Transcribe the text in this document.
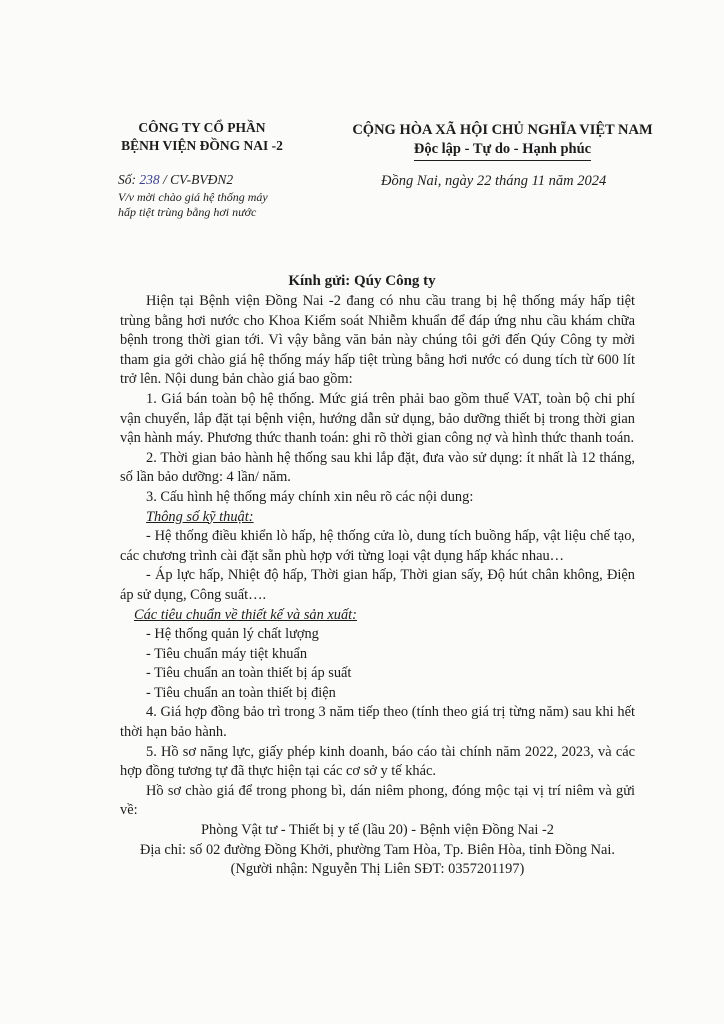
CÔNG TY CỔ PHẦN
BỆNH VIỆN ĐỒNG NAI -2
CỘNG HÒA XÃ HỘI CHỦ NGHĨA VIỆT NAM
Độc lập - Tự do - Hạnh phúc
Số: 238 / CV-BVĐN2
V/v mời chào giá hệ thống máy
hấp tiệt trùng bằng hơi nước
Đồng Nai, ngày 22 tháng 11 năm 2024
Kính gửi: Qúy Công ty

Hiện tại Bệnh viện Đồng Nai -2 đang có nhu cầu trang bị hệ thống máy hấp tiệt trùng bằng hơi nước cho Khoa Kiểm soát Nhiễm khuẩn để đáp ứng nhu cầu khám chữa bệnh trong thời gian tới. Vì vậy bằng văn bản này chúng tôi gởi đến Qúy Công ty mời tham gia gởi chào giá hệ thống máy hấp tiệt trùng bằng hơi nước có dung tích từ 600 lít trở lên. Nội dung bản chào giá bao gồm:

1. Giá bán toàn bộ hệ thống. Mức giá trên phải bao gồm thuế VAT, toàn bộ chi phí vận chuyển, lắp đặt tại bệnh viện, hướng dẫn sử dụng, bảo dưỡng thiết bị trong thời gian vận hành máy. Phương thức thanh toán: ghi rõ thời gian công nợ và hình thức thanh toán.

2. Thời gian bảo hành hệ thống sau khi lắp đặt, đưa vào sử dụng: ít nhất là 12 tháng, số lần bảo dưỡng: 4 lần/ năm.

3. Cấu hình hệ thống máy chính xin nêu rõ các nội dung:

Thông số kỹ thuật:

- Hệ thống điều khiển lò hấp, hệ thống cửa lò, dung tích buồng hấp, vật liệu chế tạo, các chương trình cài đặt sẵn phù hợp với từng loại vật dụng hấp khác nhau…

- Áp lực hấp, Nhiệt độ hấp, Thời gian hấp, Thời gian sấy, Độ hút chân không, Điện áp sử dụng, Công suất….

Các tiêu chuẩn về thiết kế và sản xuất:

- Hệ thống quản lý chất lượng

- Tiêu chuẩn máy tiệt khuẩn

- Tiêu chuẩn an toàn thiết bị áp suất

- Tiêu chuẩn an toàn thiết bị điện

4. Giá hợp đồng bảo trì trong 3 năm tiếp theo (tính theo giá trị từng năm) sau khi hết thời hạn bảo hành.

5. Hồ sơ năng lực, giấy phép kinh doanh, báo cáo tài chính năm 2022, 2023, và các hợp đồng tương tự đã thực hiện tại các cơ sở y tế khác.

Hồ sơ chào giá để trong phong bì, dán niêm phong, đóng mộc tại vị trí niêm và gửi về:

Phòng Vật tư - Thiết bị y tế (lầu 20) - Bệnh viện Đồng Nai -2

Địa chỉ: số 02 đường Đồng Khởi, phường Tam Hòa, Tp. Biên Hòa, tỉnh Đồng Nai.

(Người nhận: Nguyễn Thị Liên SĐT: 0357201197)
